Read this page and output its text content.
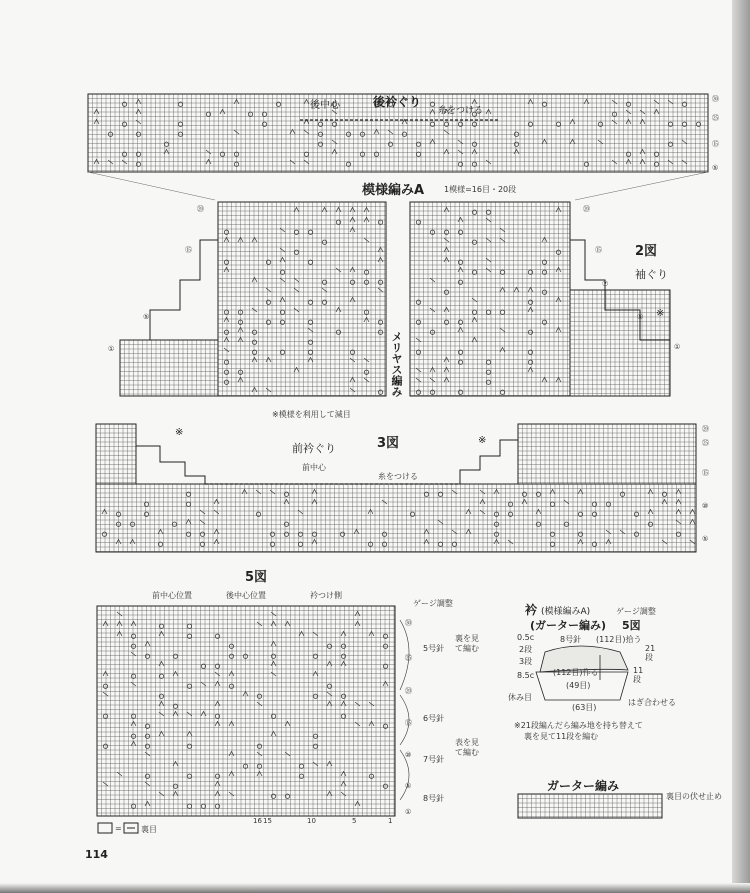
後中心	後衿ぐり
糸をつける
模様編みA 1模様=16目・20段
2図
袖ぐり
※
メリヤス編み
㉚
㉕
⑮
⑤
⑳
⑮
⑤
①
⑳
⑮
⑦
⑤
①
※模様を利用して減目
※
※
3図
前衿ぐり
前中心
糸をつける
⑳
㉕
⑮
⑩
⑤
5図
前中心位置	後中心位置	衿つけ側
ゲージ調整
㉚
㉕
⑳
⑮
⑩
⑤
①
5号針
裏を見て編む
6号針
7号針
表を見て編む
8号針
16 15	10	5	1
= 裏目
衿 (模様編みA)	ゲージ調整
(ガーター編み) 5図
0.5c	8号針 (112目)拾う
2段
3段
21段
11段
(112目)作る
8.5c
(49目)
休み目
(63目)
はぎ合わせる
※21段編んだら編み地を持ち替えて
裏を見て11段を編む
ガーター編み
裏目の伏せ止め
114
